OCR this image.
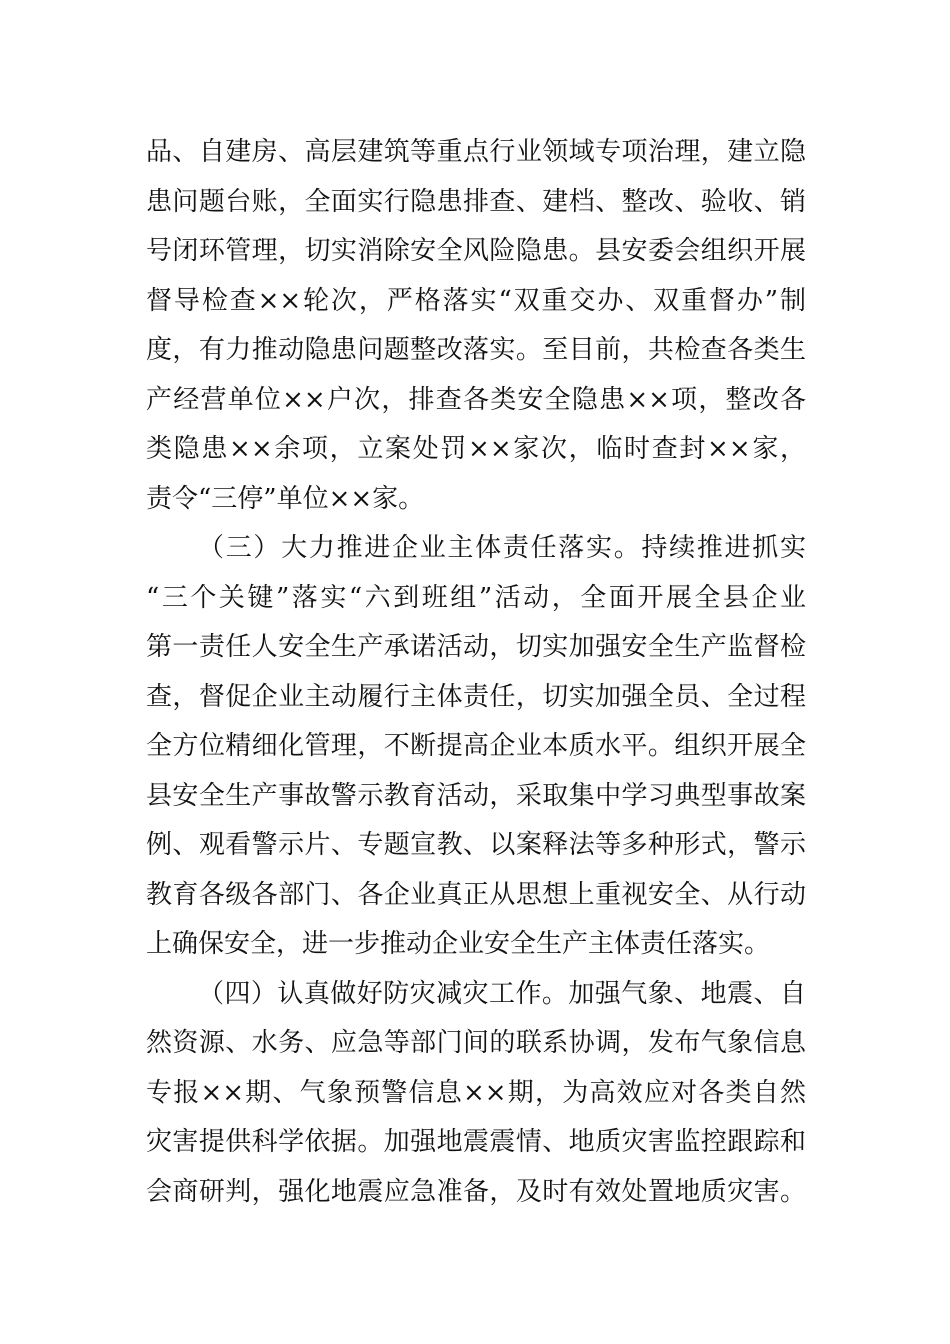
品、自建房、高层建筑等重点行业领域专项治理，建立隐
患问题台账，全面实行隐患排查、建档、整改、验收、销
号闭环管理，切实消除安全风险隐患。县安委会组织开展
督导检查××轮次，严格落实“双重交办、双重督办”制
度，有力推动隐患问题整改落实。至目前，共检查各类生
产经营单位××户次，排查各类安全隐患××项，整改各
类隐患××余项，立案处罚××家次，临时查封××家，
责令“三停”单位××家。
（三）大力推进企业主体责任落实。持续推进抓实
“三个关键”落实“六到班组”活动，全面开展全县企业
第一责任人安全生产承诺活动，切实加强安全生产监督检
查，督促企业主动履行主体责任，切实加强全员、全过程
全方位精细化管理，不断提高企业本质水平。组织开展全
县安全生产事故警示教育活动，采取集中学习典型事故案
例、观看警示片、专题宣教、以案释法等多种形式，警示
教育各级各部门、各企业真正从思想上重视安全、从行动
上确保安全，进一步推动企业安全生产主体责任落实。
（四）认真做好防灾减灾工作。加强气象、地震、自
然资源、水务、应急等部门间的联系协调，发布气象信息
专报××期、气象预警信息××期，为高效应对各类自然
灾害提供科学依据。加强地震震情、地质灾害监控跟踪和
会商研判，强化地震应急准备，及时有效处置地质灾害。
